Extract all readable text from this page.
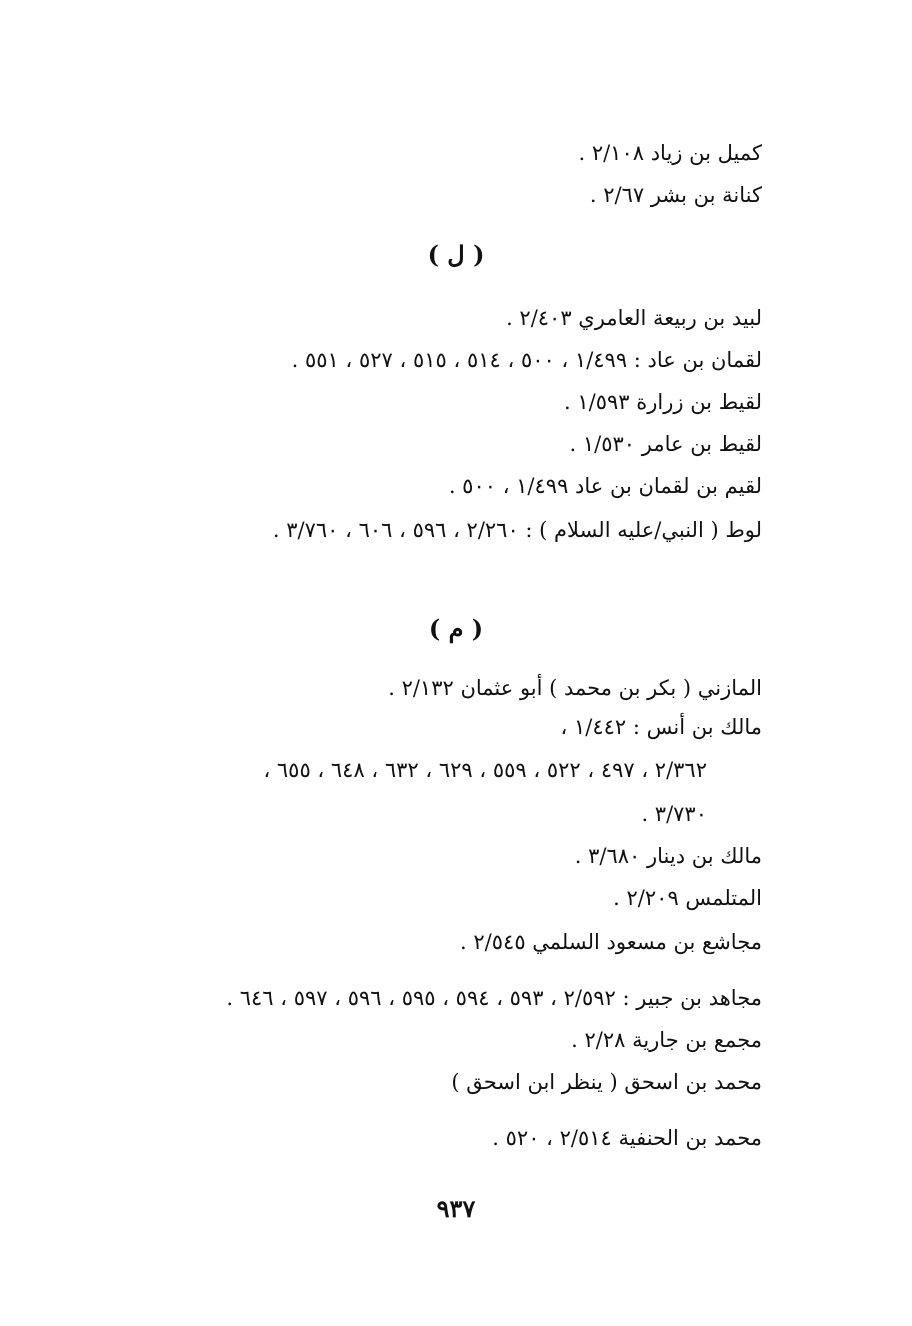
كميل بن زياد ٢/١٠٨ .
كنانة بن بشر ٢/٦٧ .
( ل )
لبيد بن ربيعة العامري ٢/٤٠٣ .
لقمان بن عاد : ١/٤٩٩ ، ٥٠٠ ، ٥١٤ ، ٥١٥ ، ٥٢٧ ، ٥٥١ .
لقيط بن زرارة ١/٥٩٣ .
لقيط بن عامر ١/٥٣٠ .
لقيم بن لقمان بن عاد ١/٤٩٩ ، ٥٠٠ .
لوط ( النبي/عليه السلام ) : ٢/٢٦٠ ، ٥٩٦ ، ٦٠٦ ، ٣/٧٦٠ .
( م )
المازني ( بكر بن محمد ) أبو عثمان ٢/١٣٢ .
مالك بن أنس : ١/٤٤٢ ،
٢/٣٦٢ ، ٤٩٧ ، ٥٢٢ ، ٥٥٩ ، ٦٢٩ ، ٦٣٢ ، ٦٤٨ ، ٦٥٥ ،
٣/٧٣٠ .
مالك بن دينار ٣/٦٨٠ .
المتلمس ٢/٢٠٩ .
مجاشع بن مسعود السلمي ٢/٥٤٥ .
مجاهد بن جبير : ٢/٥٩٢ ، ٥٩٣ ، ٥٩٤ ، ٥٩٥ ، ٥٩٦ ، ٥٩٧ ، ٦٤٦ .
مجمع بن جارية ٢/٢٨ .
محمد بن اسحق ( ينظر ابن اسحق )
محمد بن الحنفية ٢/٥١٤ ، ٥٢٠ .
٩٣٧
